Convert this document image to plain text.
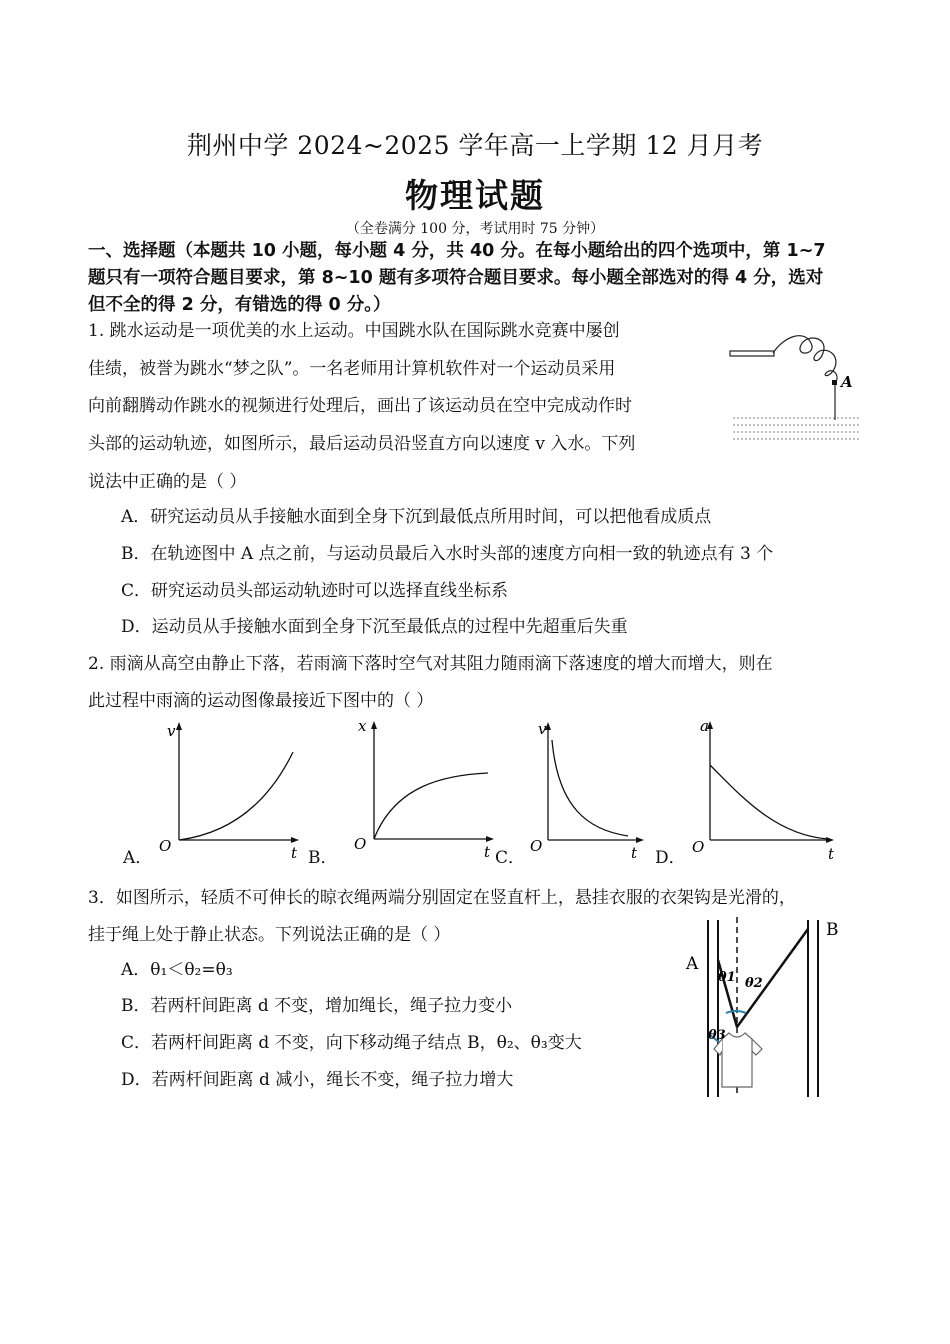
荆州中学 2024~2025 学年高一上学期 12 月月考
物理试题
（全卷满分 100 分，考试用时 75 分钟）
一、选择题（本题共 10 小题，每小题 4 分，共 40 分。在每小题给出的四个选项中，第 1~7
题只有一项符合题目要求，第 8~10 题有多项符合题目要求。每小题全部选对的得 4 分，选对
但不全的得 2 分，有错选的得 0 分。）
1. 跳水运动是一项优美的水上运动。中国跳水队在国际跳水竞赛中屡创
佳绩，被誉为跳水“梦之队”。一名老师用计算机软件对一个运动员采用
向前翻腾动作跳水的视频进行处理后，画出了该运动员在空中完成动作时
头部的运动轨迹，如图所示，最后运动员沿竖直方向以速度 v 入水。下列
说法中正确的是（ ）
A．研究运动员从手接触水面到全身下沉到最低点所用时间，可以把他看成质点
B．在轨迹图中 A 点之前，与运动员最后入水时头部的速度方向相一致的轨迹点有 3 个
C．研究运动员头部运动轨迹时可以选择直线坐标系
D．运动员从手接触水面到全身下沉至最低点的过程中先超重后失重
A
2. 雨滴从高空由静止下落，若雨滴下落时空气对其阻力随雨滴下落速度的增大而增大，则在
此过程中雨滴的运动图像最接近下图中的（ ）
A．
v
O	t B．
x
O	t C．
v
O	t D．
a
O	t
3．如图所示，轻质不可伸长的晾衣绳两端分别固定在竖直杆上，悬挂衣服的衣架钩是光滑的，
挂于绳上处于静止状态。下列说法正确的是（ ）
A．θ₁＜θ₂=θ₃
B．若两杆间距离 d 不变，增加绳长，绳子拉力变小
C．若两杆间距离 d 不变，向下移动绳子结点 B，θ₂、θ₃变大
D．若两杆间距离 d 减小，绳长不变，绳子拉力增大
A
B
θ1 θ2
θ3
